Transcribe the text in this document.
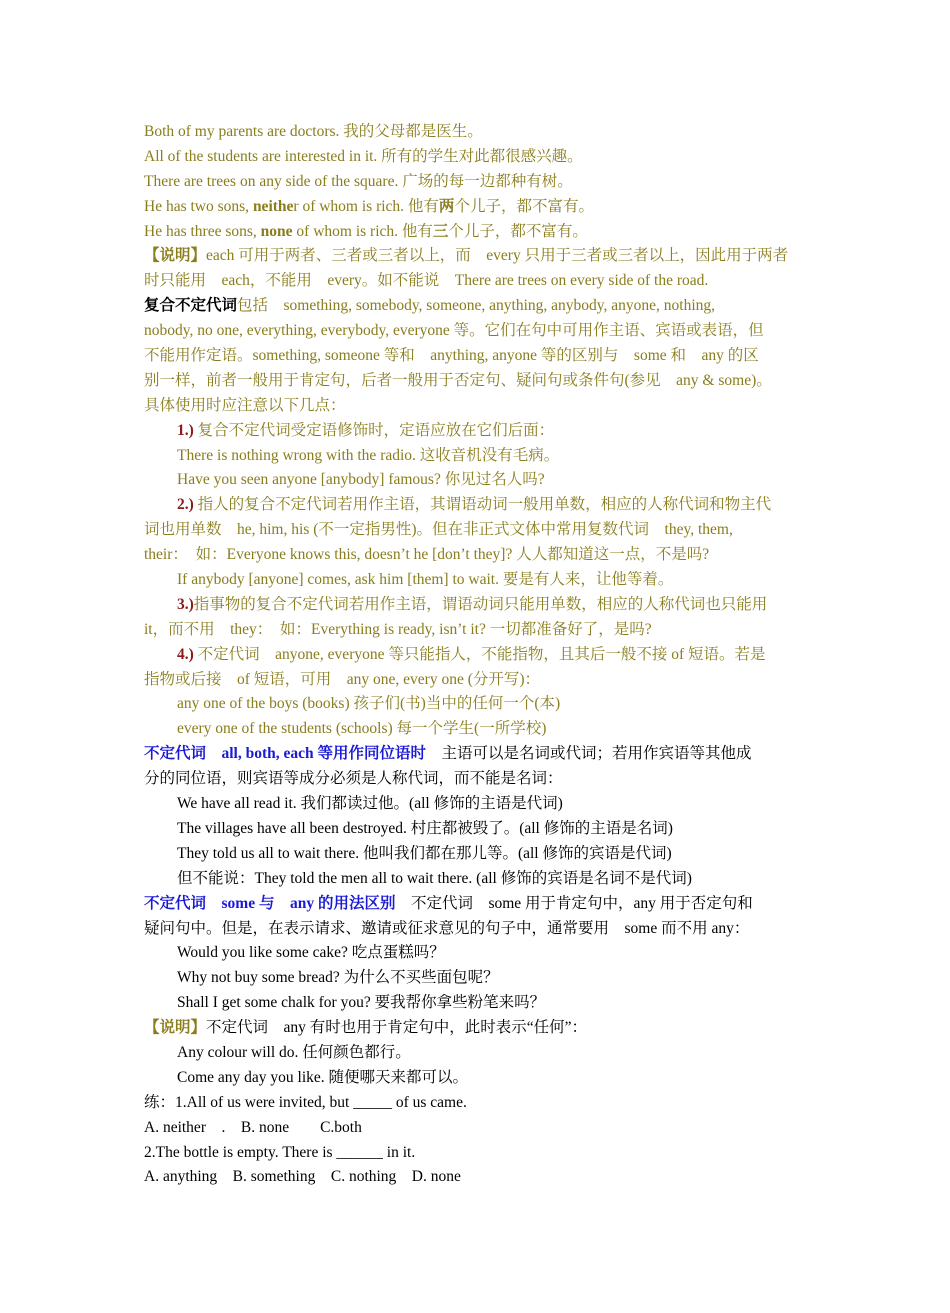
Both of my parents are doctors. 我的父母都是医生。
All of the students are interested in it. 所有的学生对此都很感兴趣。
There are trees on any side of the square. 广场的每一边都种有树。
He has two sons, neither of whom is rich. 他有两个儿子，都不富有。
He has three sons, none of whom is rich. 他有三个儿子，都不富有。
【说明】each 可用于两者、三者或三者以上，而　every 只用于三者或三者以上，因此用于两者
时只能用　each，不能用　every。如不能说　There are trees on every side of the road.
复合不定代词包括　something, somebody, someone, anything, anybody, anyone, nothing,
nobody, no one, everything, everybody, everyone 等。它们在句中可用作主语、宾语或表语，但
不能用作定语。something, someone 等和　anything, anyone 等的区别与　some 和　any 的区
别一样，前者一般用于肯定句，后者一般用于否定句、疑问句或条件句(参见　any & some)。
具体使用时应注意以下几点：
1.) 复合不定代词受定语修饰时，定语应放在它们后面：
There is nothing wrong with the radio. 这收音机没有毛病。
Have you seen anyone [anybody] famous? 你见过名人吗?
2.) 指人的复合不定代词若用作主语，其谓语动词一般用单数，相应的人称代词和物主代
词也用单数　he, him, his (不一定指男性)。但在非正式文体中常用复数代词　they, them,
their：　如：Everyone knows this, doesn’t he [don’t they]? 人人都知道这一点，不是吗?
If anybody [anyone] comes, ask him [them] to wait. 要是有人来，让他等着。
3.)指事物的复合不定代词若用作主语，谓语动词只能用单数，相应的人称代词也只能用
it，而不用　they：　如：Everything is ready, isn’t it? 一切都准备好了，是吗?
4.) 不定代词　anyone, everyone 等只能指人，不能指物，且其后一般不接 of 短语。若是
指物或后接　of 短语，可用　any one, every one (分开写)：
any one of the boys (books) 孩子们(书)当中的任何一个(本)
every one of the students (schools) 每一个学生(一所学校)
不定代词　all, both, each 等用作同位语时　主语可以是名词或代词；若用作宾语等其他成
分的同位语，则宾语等成分必须是人称代词，而不能是名词：
We have all read it. 我们都读过他。(all 修饰的主语是代词)
The villages have all been destroyed. 村庄都被毁了。(all 修饰的主语是名词)
They told us all to wait there. 他叫我们都在那儿等。(all 修饰的宾语是代词)
但不能说：They told the men all to wait there. (all 修饰的宾语是名词不是代词)
不定代词　some 与　any 的用法区别　不定代词　some 用于肯定句中，any 用于否定句和
疑问句中。但是，在表示请求、邀请或征求意见的句子中，通常要用　some 而不用 any：
Would you like some cake? 吃点蛋糕吗？
Why not buy some bread? 为什么不买些面包呢？
Shall I get some chalk for you? 要我帮你拿些粉笔来吗？
【说明】不定代词　any 有时也用于肯定句中，此时表示“任何”：
Any colour will do. 任何颜色都行。
Come any day you like. 随便哪天来都可以。
练：1.All of us were invited, but _____ of us came.
A. neither　.　B. none　　C.both
2.The bottle is empty. There is ______ in it.
A. anything　B. something　C. nothing　D. none
